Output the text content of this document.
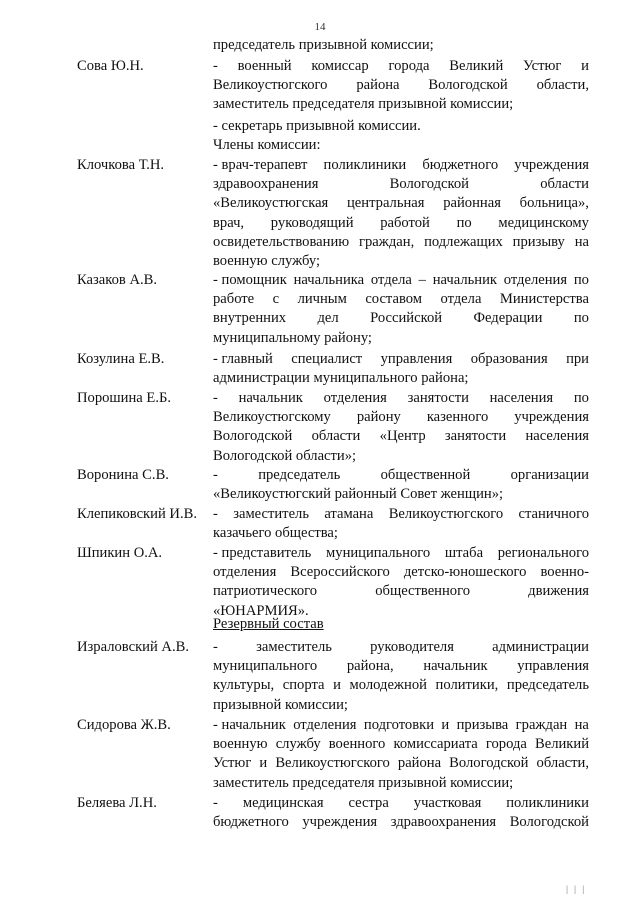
14
председатель призывной комиссии;
- секретарь призывной комиссии.
Члены комиссии:
Резервный состав
| | |
Сова Ю.Н.	- военный комиссар города Великий Устюг и
Великоустюгского района Вологодской области,
заместитель председателя призывной комиссии;
Клочкова Т.Н.	- врач-терапевт поликлиники бюджетного учреждения
здравоохранения	Вологодской	области
«Великоустюгская центральная районная больница»,
врач, руководящий работой по медицинскому
освидетельствованию граждан, подлежащих призыву на
военную службу;
Казаков А.В.	- помощник начальника отдела – начальник отделения по
работе с личным составом отдела Министерства
внутренних дел Российской Федерации по
муниципальному району;
Козулина Е.В.	- главный специалист управления образования при
администрации муниципального района;
Порошина Е.Б.	- начальник отделения занятости населения по
Великоустюгскому району казенного учреждения
Вологодской области «Центр занятости населения
Вологодской области»;
Воронина С.В.	-	председатель	общественной	организации
«Великоустюгский районный Совет женщин»;
Клепиковский И.В.	- заместитель атамана Великоустюгского станичного
казачьего общества;
Шпикин О.А.	- представитель муниципального штаба регионального
отделения Всероссийского детско-юношеского военно-
патриотического	общественного	движения
«ЮНАРМИЯ».
Израловский А.В.	-	заместитель	руководителя	администрации
муниципального района, начальник управления
культуры, спорта и молодежной политики, председатель
призывной комиссии;
Сидорова Ж.В.	- начальник отделения подготовки и призыва граждан на
военную службу военного комиссариата города Великий
Устюг и Великоустюгского района Вологодской области,
заместитель председателя призывной комиссии;
Беляева Л.Н.	- медицинская сестра участковая поликлиники
бюджетного учреждения здравоохранения Вологодской
